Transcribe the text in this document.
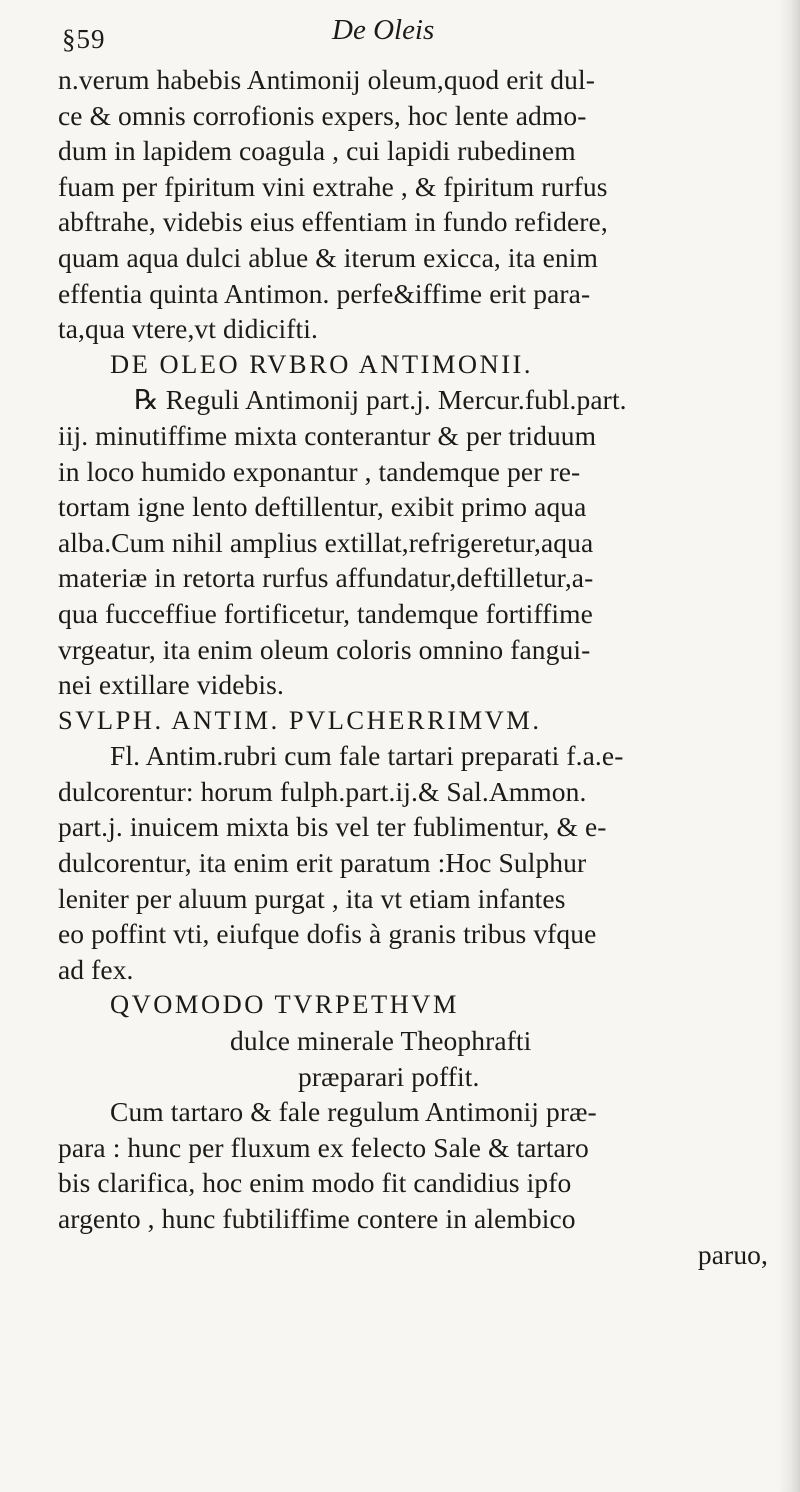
§59	De Oleis
n.verum habebis Antimonij oleum,quod erit dul-
ce & omnis corrofionis expers, hoc lente admo-
dum in lapidem coagula , cui lapidi rubedinem
fuam per fpiritum vini extrahe , & fpiritum rurfus
abftrahe, videbis eius effentiam in fundo refidere,
quam aqua dulci ablue & iterum exicca, ita enim
effentia quinta Antimon. perfe&iffime erit para-
ta,qua vtere,vt didicifti.
DE OLEO RVBRO ANTIMONII.
℞ Reguli Antimonij part.j. Mercur.fubl.part.
iij. minutiffime mixta conterantur & per triduum
in loco humido exponantur , tandemque per re-
tortam igne lento deftillentur, exibit primo aqua
alba.Cum nihil amplius extillat,refrigeretur,aqua
materiæ in retorta rurfus affundatur,deftilletur,a-
qua fucceffiue fortificetur, tandemque fortiffime
vrgeatur, ita enim oleum coloris omnino fangui-
nei extillare videbis.
SVLPH. ANTIM. PVLCHERRIMVM.
Fl. Antim.rubri cum fale tartari preparati f.a.e-
dulcorentur: horum fulph.part.ij.& Sal.Ammon.
part.j. inuicem mixta bis vel ter fublimentur, & e-
dulcorentur, ita enim erit paratum :Hoc Sulphur
leniter per aluum purgat , ita vt etiam infantes
eo poffint vti, eiufque dofis à granis tribus vfque
ad fex.
QVOMODO TVRPETHVM
dulce minerale Theophrafti
præparari poffit.
Cum tartaro & fale regulum Antimonij præ-
para : hunc per fluxum ex felecto Sale & tartaro
bis clarifica, hoc enim modo fit candidius ipfo
argento , hunc fubtiliffime contere in alembico
paruo,
